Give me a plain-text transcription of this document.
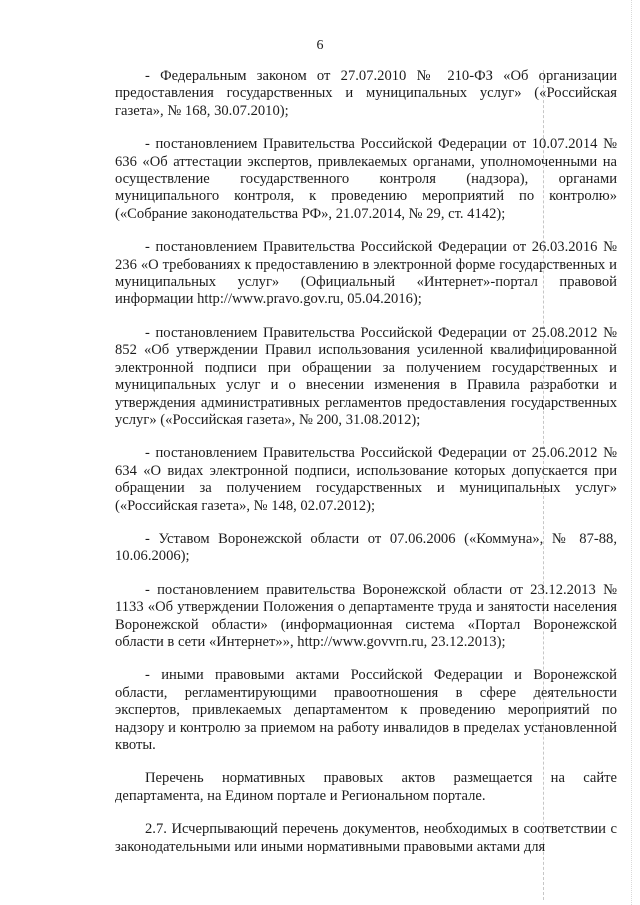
6

- Федеральным законом от 27.07.2010 № 210-ФЗ «Об организации предоставления государственных и муниципальных услуг» («Российская газета», № 168, 30.07.2010);

- постановлением Правительства Российской Федерации от 10.07.2014 № 636 «Об аттестации экспертов, привлекаемых органами, уполномоченными на осуществление государственного контроля (надзора), органами муниципального контроля, к проведению мероприятий по контролю» («Собрание законодательства РФ», 21.07.2014, № 29, ст. 4142);

- постановлением Правительства Российской Федерации от 26.03.2016 № 236 «О требованиях к предоставлению в электронной форме государственных и муниципальных услуг» (Официальный «Интернет»-портал правовой информации http://www.pravo.gov.ru, 05.04.2016);

- постановлением Правительства Российской Федерации от 25.08.2012 № 852 «Об утверждении Правил использования усиленной квалифицированной электронной подписи при обращении за получением государственных и муниципальных услуг и о внесении изменения в Правила разработки и утверждения административных регламентов предоставления государственных услуг» («Российская газета», № 200, 31.08.2012);

- постановлением Правительства Российской Федерации от 25.06.2012 № 634 «О видах электронной подписи, использование которых допускается при обращении за получением государственных и муниципальных услуг» («Российская газета», № 148, 02.07.2012);

- Уставом Воронежской области от 07.06.2006 («Коммуна», № 87-88, 10.06.2006);

- постановлением правительства Воронежской области от 23.12.2013 № 1133 «Об утверждении Положения о департаменте труда и занятости населения Воронежской области» (информационная система «Портал Воронежской области в сети «Интернет»», http://www.govvrn.ru, 23.12.2013);

- иными правовыми актами Российской Федерации и Воронежской области, регламентирующими правоотношения в сфере деятельности экспертов, привлекаемых департаментом к проведению мероприятий по надзору и контролю за приемом на работу инвалидов в пределах установленной квоты.

Перечень нормативных правовых актов размещается на сайте департамента, на Едином портале и Региональном портале.

2.7. Исчерпывающий перечень документов, необходимых в соответствии с законодательными или иными нормативными правовыми актами для
